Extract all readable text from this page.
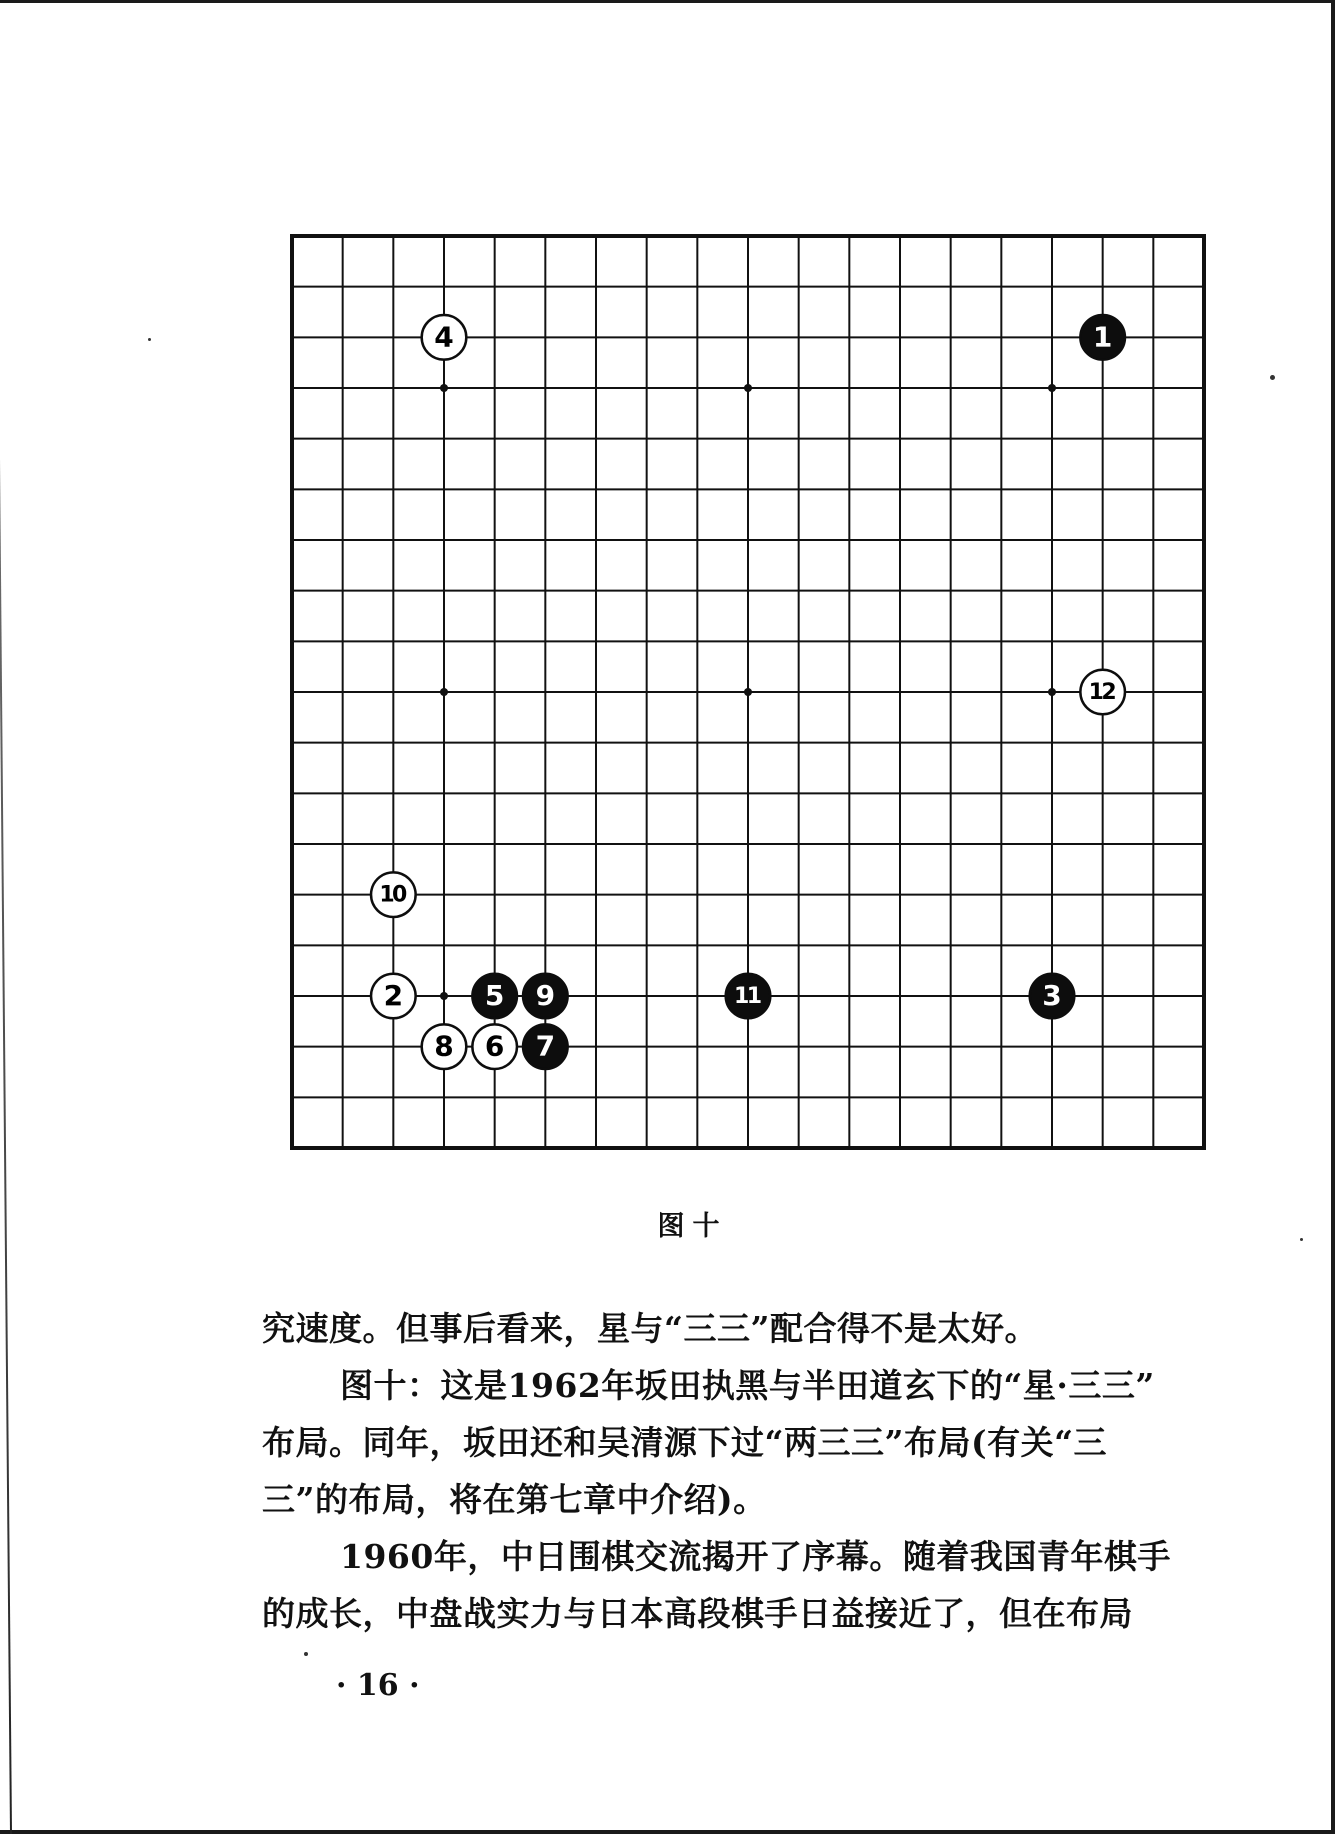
1
2	3
4
5
6 7
8
9
10
11
12
图十
究速度。但事后看来，星与“三三”配合得不是太好。
图十：这是1962年坂田执黑与半田道玄下的“星·三三”
布局。同年，坂田还和吴清源下过“两三三”布局(有关“三
三”的布局，将在第七章中介绍)。
1960年，中日围棋交流揭开了序幕。随着我国青年棋手
的成长，中盘战实力与日本高段棋手日益接近了，但在布局
· 16 ·
